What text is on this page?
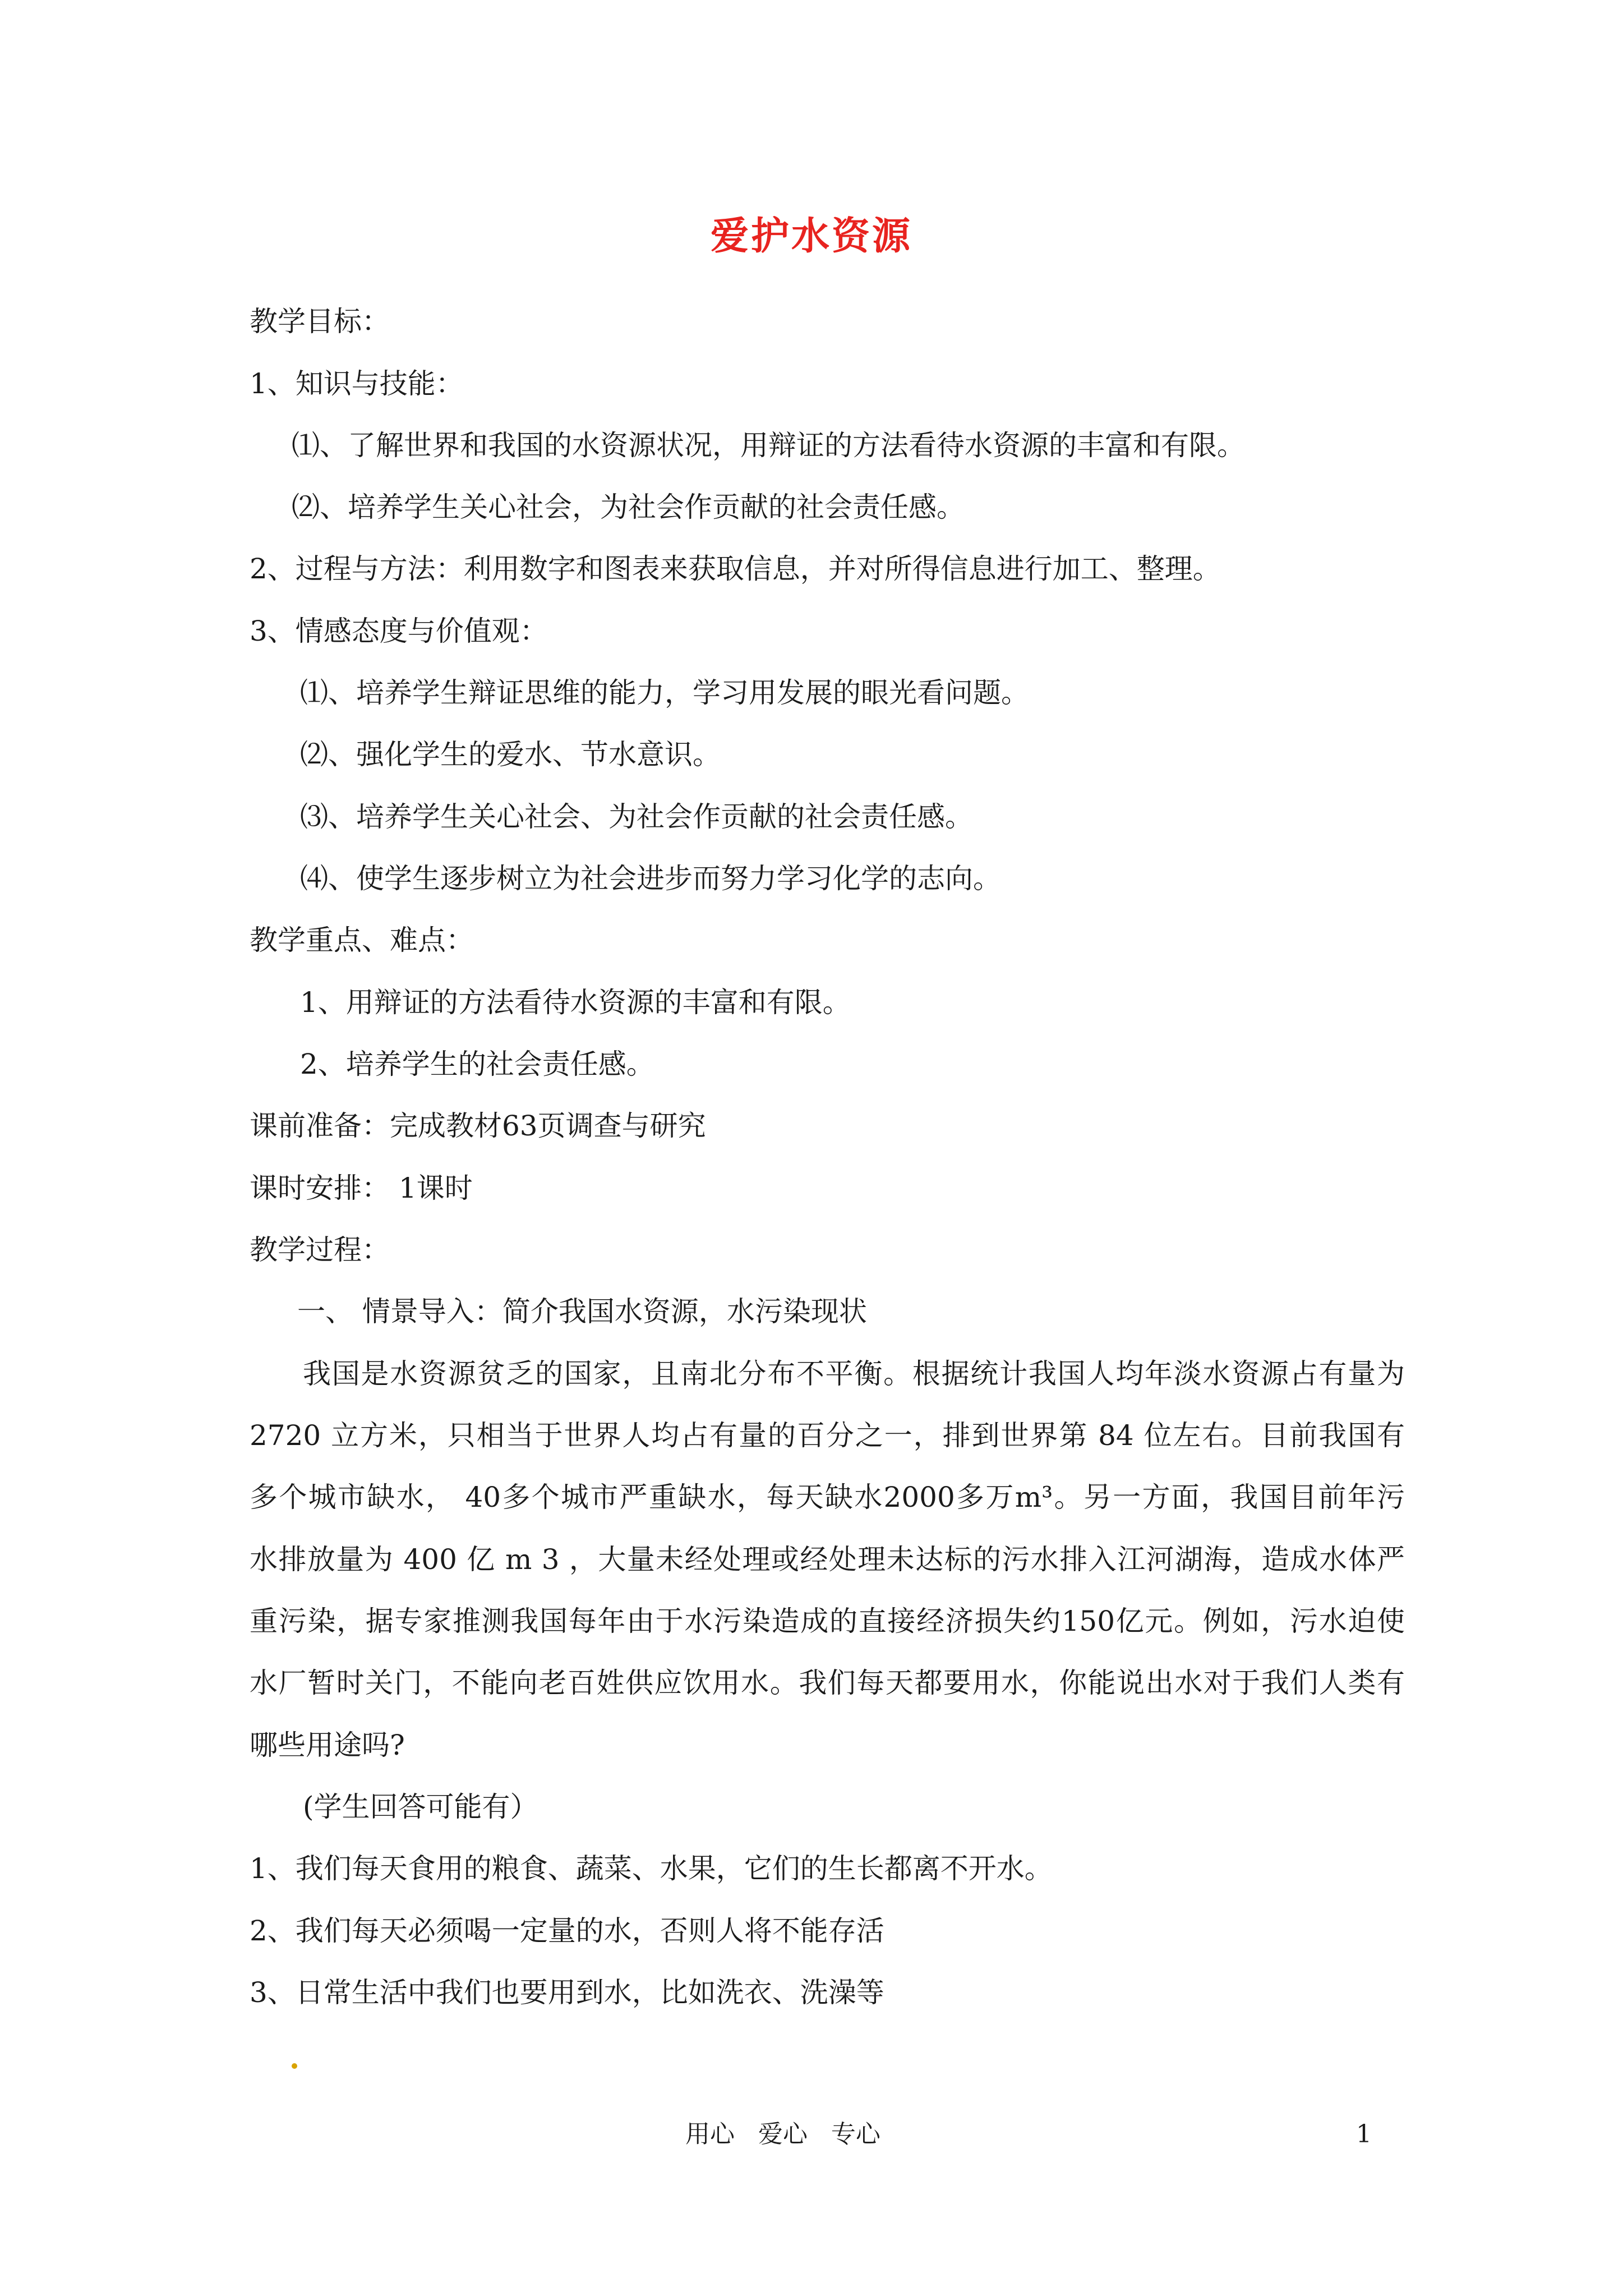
爱护水资源
教学目标：
1、知识与技能：
⑴、了解世界和我国的水资源状况，用辩证的方法看待水资源的丰富和有限。
⑵、培养学生关心社会，为社会作贡献的社会责任感。
2、过程与方法：利用数字和图表来获取信息，并对所得信息进行加工、整理。
3、情感态度与价值观：
⑴、培养学生辩证思维的能力，学习用发展的眼光看问题。
⑵、强化学生的爱水、节水意识。
⑶、培养学生关心社会、为社会作贡献的社会责任感。
⑷、使学生逐步树立为社会进步而努力学习化学的志向。
教学重点、难点：
1、用辩证的方法看待水资源的丰富和有限。
2、培养学生的社会责任感。
课前准备：完成教材63页调查与研究
课时安排： 1课时
教学过程：
一、 情景导入：简介我国水资源，水污染现状
我国是水资源贫乏的国家，且南北分布不平衡。根据统计我国人均年淡水资源占有量为
2720 立方米，只相当于世界人均占有量的百分之一，排到世界第 84 位左右。目前我国有
多个城市缺水， 40多个城市严重缺水，每天缺水2000多万m³。另一方面，我国目前年污
水排放量为 400 亿 m 3 ，大量未经处理或经处理未达标的污水排入江河湖海，造成水体严
重污染，据专家推测我国每年由于水污染造成的直接经济损失约150亿元。例如，污水迫使
水厂暂时关门，不能向老百姓供应饮用水。我们每天都要用水，你能说出水对于我们人类有
哪些用途吗?
(学生回答可能有）
1、我们每天食用的粮食、蔬菜、水果，它们的生长都离不开水。
2、我们每天必须喝一定量的水，否则人将不能存活
3、日常生活中我们也要用到水，比如洗衣、洗澡等
用心   爱心   专心	1
